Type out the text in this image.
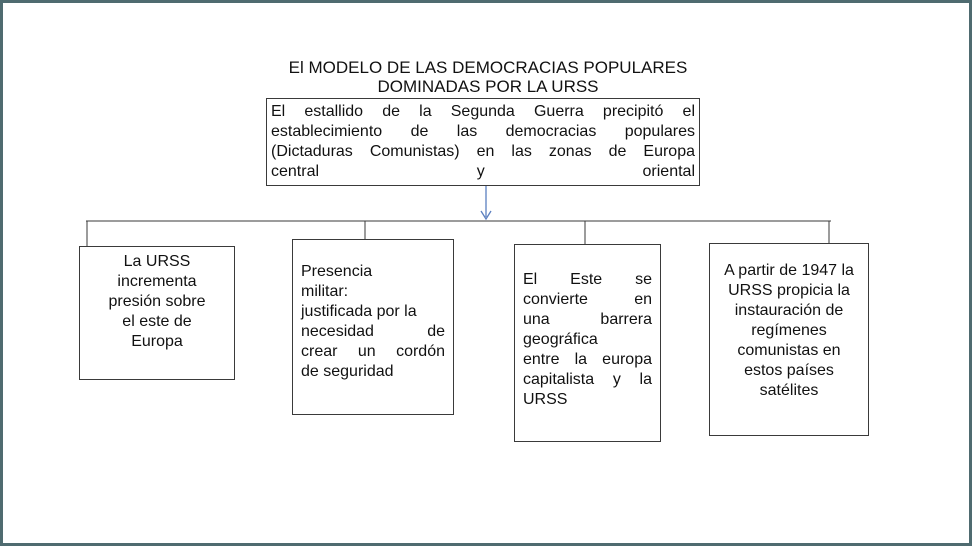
El MODELO DE LAS DEMOCRACIAS POPULARES
DOMINADAS POR LA URSS
El estallido de la Segunda Guerra precipitó el
establecimiento de las democracias populares
(Dictaduras Comunistas) en las zonas de Europa
central y oriental
La URSS
incrementa
presión sobre
el este de
Europa
Presencia
militar:
justificada por la
necesidad de
crear un cordón
de seguridad
El Este se
convierte en
una barrera
geográfica
entre la europa
capitalista y la
URSS
A partir de 1947 la
URSS propicia la
instauración de
regímenes
comunistas en
estos países
satélites
